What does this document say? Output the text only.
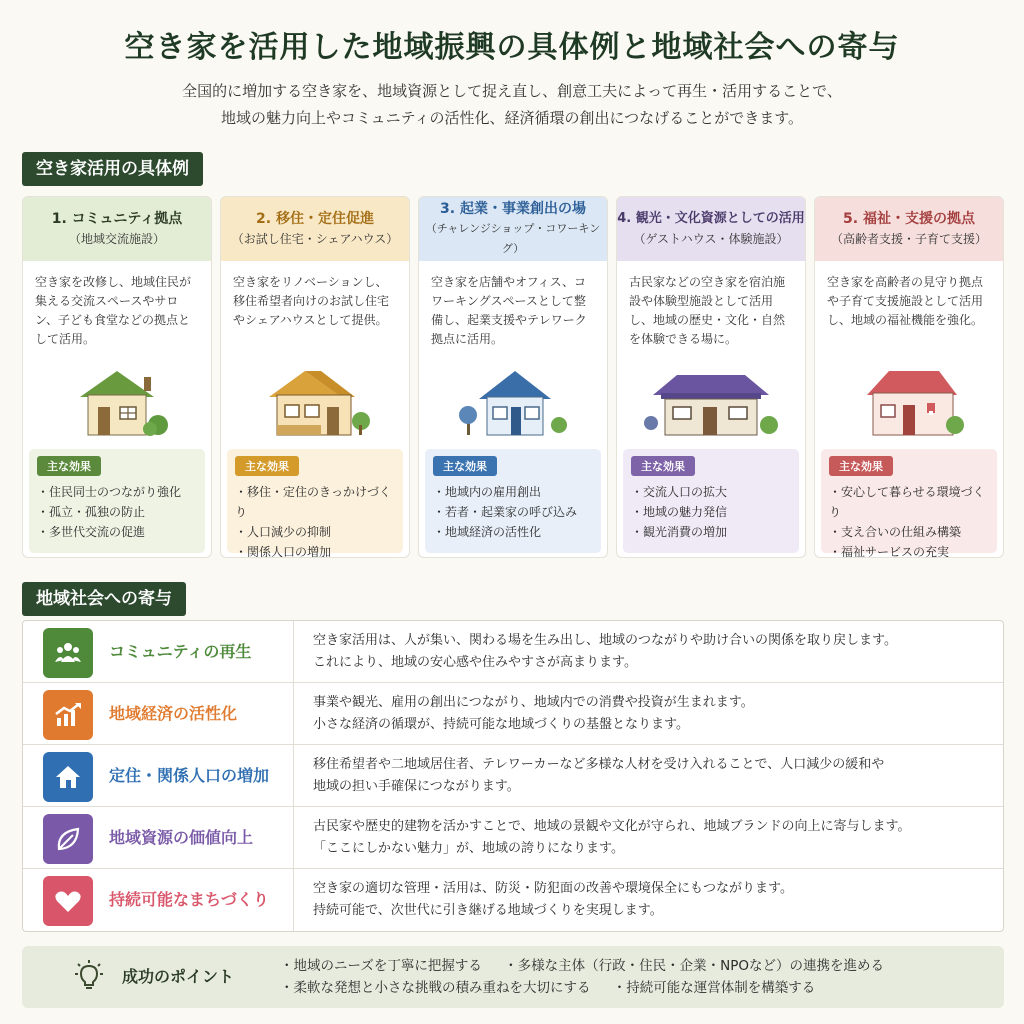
空き家を活用した地域振興の具体例と地域社会への寄与
全国的に増加する空き家を、地域資源として捉え直し、創意工夫によって再生・活用することで、
地域の魅力向上やコミュニティの活性化、経済循環の創出につなげることができます。
空き家活用の具体例
1. コミュニティ拠点
（地域交流施設）
空き家を改修し、地域住民が集える交流スペースやサロン、子ども食堂などの拠点として活用。
主な効果
・ 住民同士のつながり強化
・ 孤立・孤独の防止
・ 多世代交流の促進
2. 移住・定住促進
（お試し住宅・シェアハウス）
空き家をリノベーションし、移住希望者向けのお試し住宅やシェアハウスとして提供。
主な効果
・ 移住・定住のきっかけづくり
・ 人口減少の抑制
・ 関係人口の増加
3. 起業・事業創出の場
（チャレンジショップ・コワーキング）
空き家を店舗やオフィス、コワーキングスペースとして整備し、起業支援やテレワーク拠点に活用。
主な効果
・ 地域内の雇用創出
・ 若者・起業家の呼び込み
・ 地域経済の活性化
4. 観光・文化資源としての活用
（ゲストハウス・体験施設）
古民家などの空き家を宿泊施設や体験型施設として活用し、地域の歴史・文化・自然を体験できる場に。
主な効果
・ 交流人口の拡大
・ 地域の魅力発信
・ 観光消費の増加
5. 福祉・支援の拠点
（高齢者支援・子育て支援）
空き家を高齢者の見守り拠点や子育て支援施設として活用し、地域の福祉機能を強化。
主な効果
・ 安心して暮らせる環境づくり
・ 支え合いの仕組み構築
・ 福祉サービスの充実
地域社会への寄与
コミュニティの再生
空き家活用は、人が集い、関わる場を生み出し、地域のつながりや助け合いの関係を取り戻します。
これにより、地域の安心感や住みやすさが高まります。
地域経済の活性化
事業や観光、雇用の創出につながり、地域内での消費や投資が生まれます。
小さな経済の循環が、持続可能な地域づくりの基盤となります。
定住・関係人口の増加
移住希望者や二地域居住者、テレワーカーなど多様な人材を受け入れることで、人口減少の緩和や
地域の担い手確保につながります。
地域資源の価値向上
古民家や歴史的建物を活かすことで、地域の景観や文化が守られ、地域ブランドの向上に寄与します。
「ここにしかない魅力」が、地域の誇りになります。
持続可能なまちづくり
空き家の適切な管理・活用は、防災・防犯面の改善や環境保全にもつながります。
持続可能で、次世代に引き継げる地域づくりを実現します。
成功のポイント
・地域のニーズを丁寧に把握する ・多様な主体（行政・住民・企業・NPOなど）の連携を進める
・柔軟な発想と小さな挑戦の積み重ねを大切にする ・持続可能な運営体制を構築する
